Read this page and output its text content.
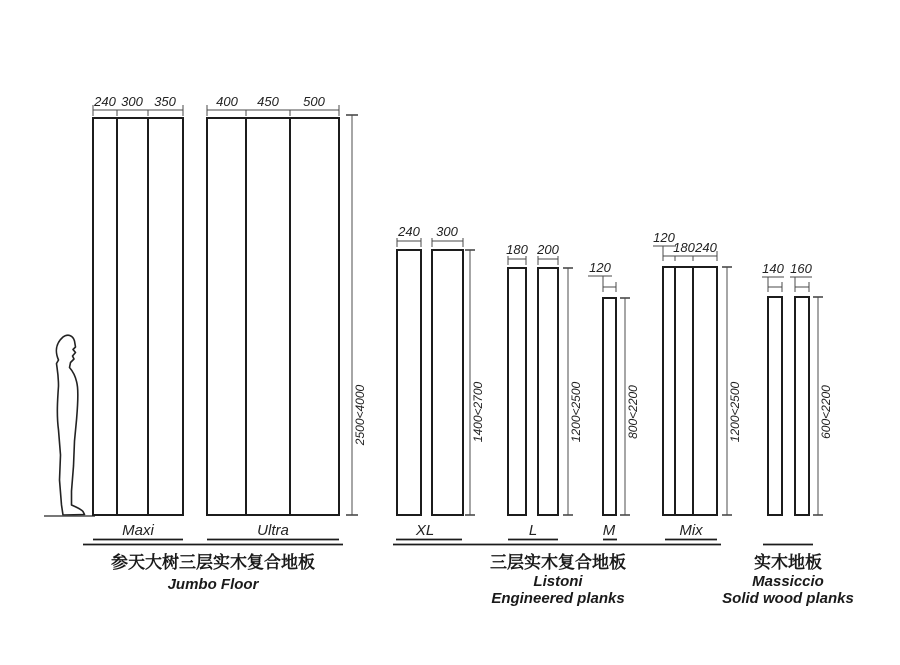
240 300 350	400 450 500
2500<4000
Maxi	Ultra
参天大树三层实木复合地板
Jumbo Floor
240 300
1400<2700
180 200
1200<2500
120
800<2200
120
180 240
1200<2500
XL	L	M	Mix
三层实木复合地板
Listoni
Engineered planks
140 160
600<2200
实木地板
Massiccio
Solid wood planks
